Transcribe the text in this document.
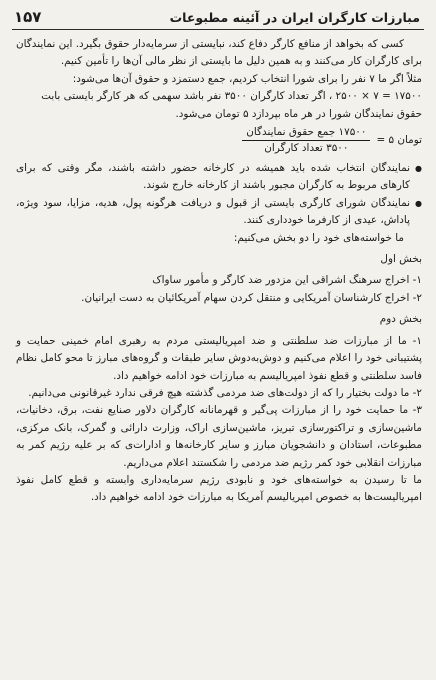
مبارزات کارگران ایران در آئینه مطبوعات
۱۵۷

کسی که بخواهد از منافع کارگر دفاع کند، نبایستی از سرمایه‌دار حقوق بگیرد. این نمایندگان برای کارگران کار می‌کنند و به همین دلیل ما بایستی از نظر مالی آن‌ها را تأمین کنیم.

مثلاً اگر ما ۷ نفر را برای شورا انتخاب کردیم، جمع دستمزد و حقوق آن‌ها می‌شود:

۱۷۵۰۰ = ۷ × ۲۵۰۰ ، اگر تعداد کارگران ۳۵۰۰ نفر باشد سهمی که هر کارگر بایستی بابت حقوق نمایندگان شورا در هر ماه بپردازد ۵ تومان می‌شود.

تومان ۵ =
$\frac{\text{۱۷۵۰۰ جمع حقوق نمایندگان}}{\text{۳۵۰۰ تعداد کارگران}}$

● نمایندگان انتخاب شده باید همیشه در کارخانه حضور داشته باشند، مگر وقتی که برای کارهای مربوط به کارگران مجبور باشند از کارخانه خارج شوند.

● نمایندگان شورای کارگری بایستی از قبول و دریافت هرگونه پول، هدیه، مزایا، سود ویژه، پاداش، عیدی از کارفرما خودداری کنند.

ما خواسته‌های خود را دو بخش می‌کنیم:

بخش اول

۱- اخراج سرهنگ اشراقی این مزدور ضد کارگر و مأمور ساواک

۲- اخراج کارشناسان آمریکایی و منتقل کردن سهام آمریکائیان به دست ایرانیان.

بخش دوم

۱- ما از مبارزات ضد سلطنتی و ضد امپریالیستی مردم به رهبری امام خمینی حمایت و پشتیبانی خود را اعلام می‌کنیم و دوش‌به‌دوش سایر طبقات و گروه‌های مبارز تا محو کامل نظام فاسد سلطنتی و قطع نفوذ امپریالیسم به مبارزات خود ادامه خواهیم داد.

۲- ما دولت بختیار را که از دولت‌های ضد مردمی گذشته هیچ فرقی ندارد غیرقانونی می‌دانیم.

۳- ما حمایت خود را از مبارزات پی‌گیر و قهرمانانه کارگران دلاور صنایع نفت، برق، دخانیات، ماشین‌سازی و تراکتورسازی تبریز، ماشین‌سازی اراک، وزارت دارائی و گمرک، بانک مرکزی، مطبوعات، استادان و دانشجویان مبارز و سایر کارخانه‌ها و ادارات‌ی که بر علیه رژیم کمر به مبارزات انقلابی خود کمر رژیم ضد مردمی را شکستند اعلام می‌داریم.

ما تا رسیدن به خواسته‌های خود و نابودی رژیم سرمایه‌داری وابسته و قطع کامل نفوذ امپریالیست‌ها به خصوص امپریالیسم آمریکا به مبارزات خود ادامه خواهیم داد.
